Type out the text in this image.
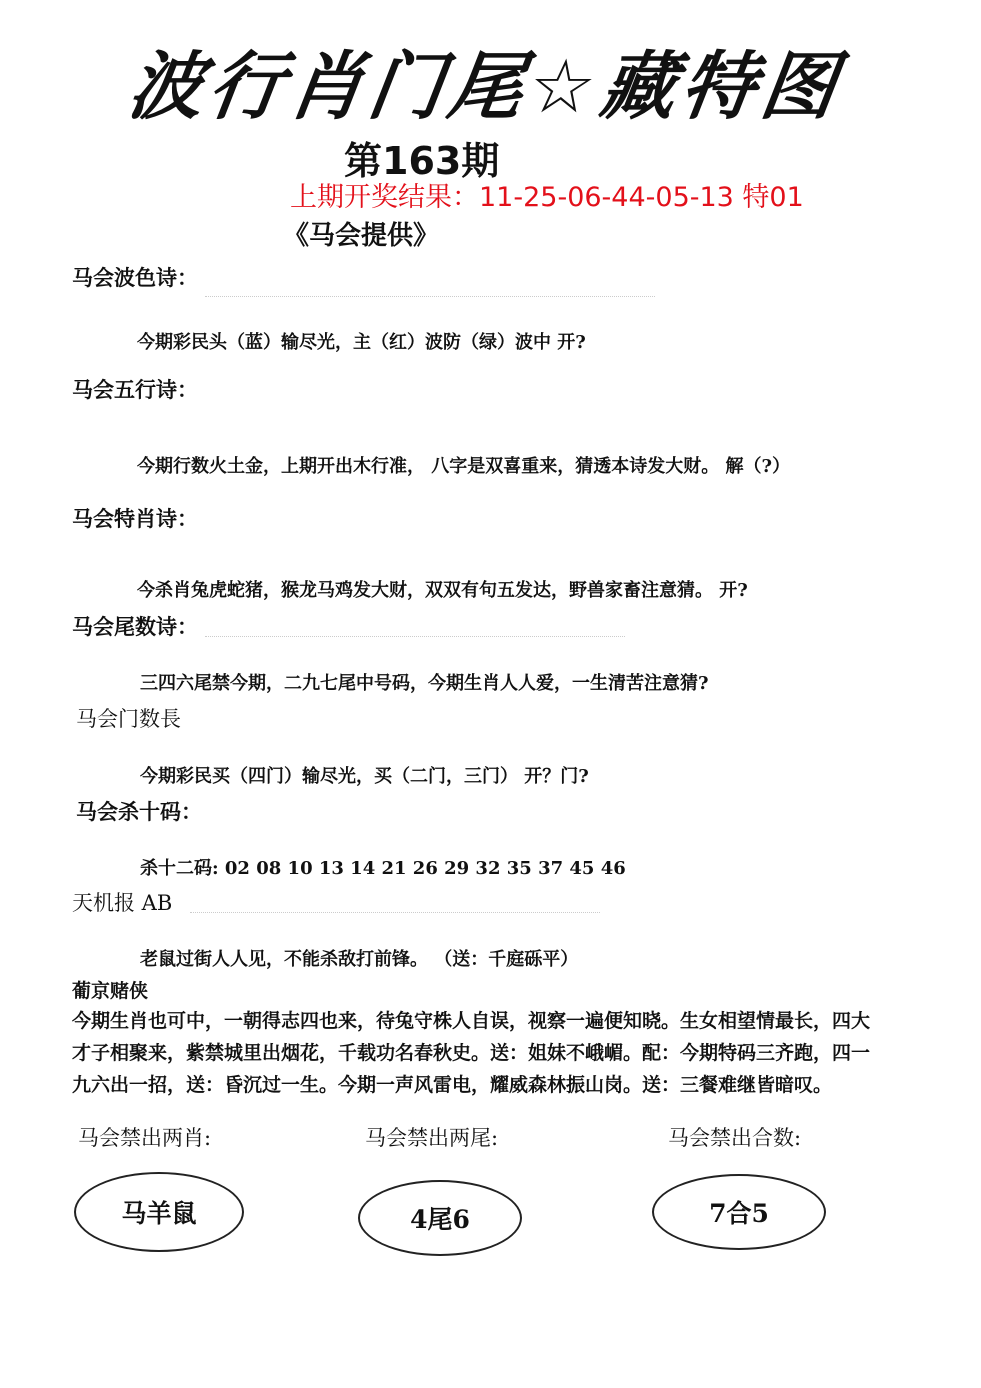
波行肖门尾☆藏特图
第163期
上期开奖结果：11-25-06-44-05-13 特01
《马会提供》
马会波色诗：
今期彩民头（蓝）输尽光，主（红）波防（绿）波中 开?
马会五行诗：
今期行数火土金，上期开出木行准， 八字是双喜重来，猜透本诗发大财。 解（?）
马会特肖诗：
今杀肖兔虎蛇猪，猴龙马鸡发大财，双双有句五发达，野兽家畜注意猜。 开?
马会尾数诗：
三四六尾禁今期，二九七尾中号码，今期生肖人人爱，一生清苦注意猜?
马会门数長
今期彩民买（四门）输尽光，买（二门，三门） 开？门?
马会杀十码：
杀十二码: 02 08 10 13 14 21 26 29 32 35 37 45 46
天机报 AB
老鼠过街人人见，不能杀敌打前锋。 （送：千庭砾平）
葡京赌侠
今期生肖也可中，一朝得志四也来，待兔守株人自误，视察一遍便知晓。生女相望情最长，四大才子相聚来，紫禁城里出烟花，千载功名春秋史。送：姐妹不峨嵋。配：今期特码三齐跑，四一九六出一招，送：昏沉过一生。今期一声风雷电，耀威森林振山岗。送：三餐难继皆暗叹。
马会禁出两肖:	马会禁出两尾:	马会禁出合数:
马羊鼠	4尾6	7合5
